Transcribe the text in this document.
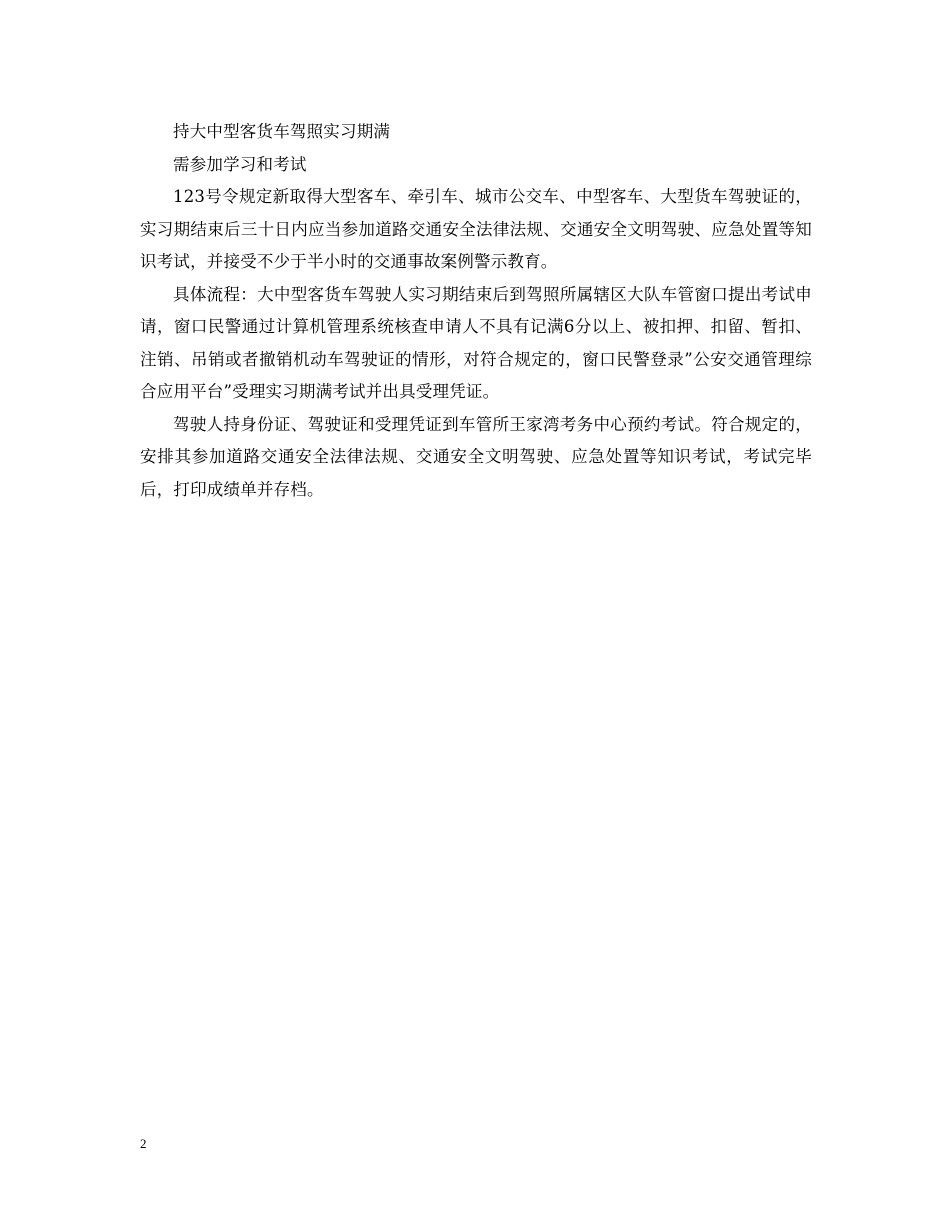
持大中型客货车驾照实习期满

需参加学习和考试

123号令规定新取得大型客车、牵引车、城市公交车、中型客车、大型货车驾驶证的，实习期结束后三十日内应当参加道路交通安全法律法规、交通安全文明驾驶、应急处置等知识考试，并接受不少于半小时的交通事故案例警示教育。

具体流程：大中型客货车驾驶人实习期结束后到驾照所属辖区大队车管窗口提出考试申请，窗口民警通过计算机管理系统核查申请人不具有记满6分以上、被扣押、扣留、暂扣、注销、吊销或者撤销机动车驾驶证的情形，对符合规定的，窗口民警登录”公安交通管理综合应用平台”受理实习期满考试并出具受理凭证。

驾驶人持身份证、驾驶证和受理凭证到车管所王家湾考务中心预约考试。符合规定的，安排其参加道路交通安全法律法规、交通安全文明驾驶、应急处置等知识考试，考试完毕后，打印成绩单并存档。

2
